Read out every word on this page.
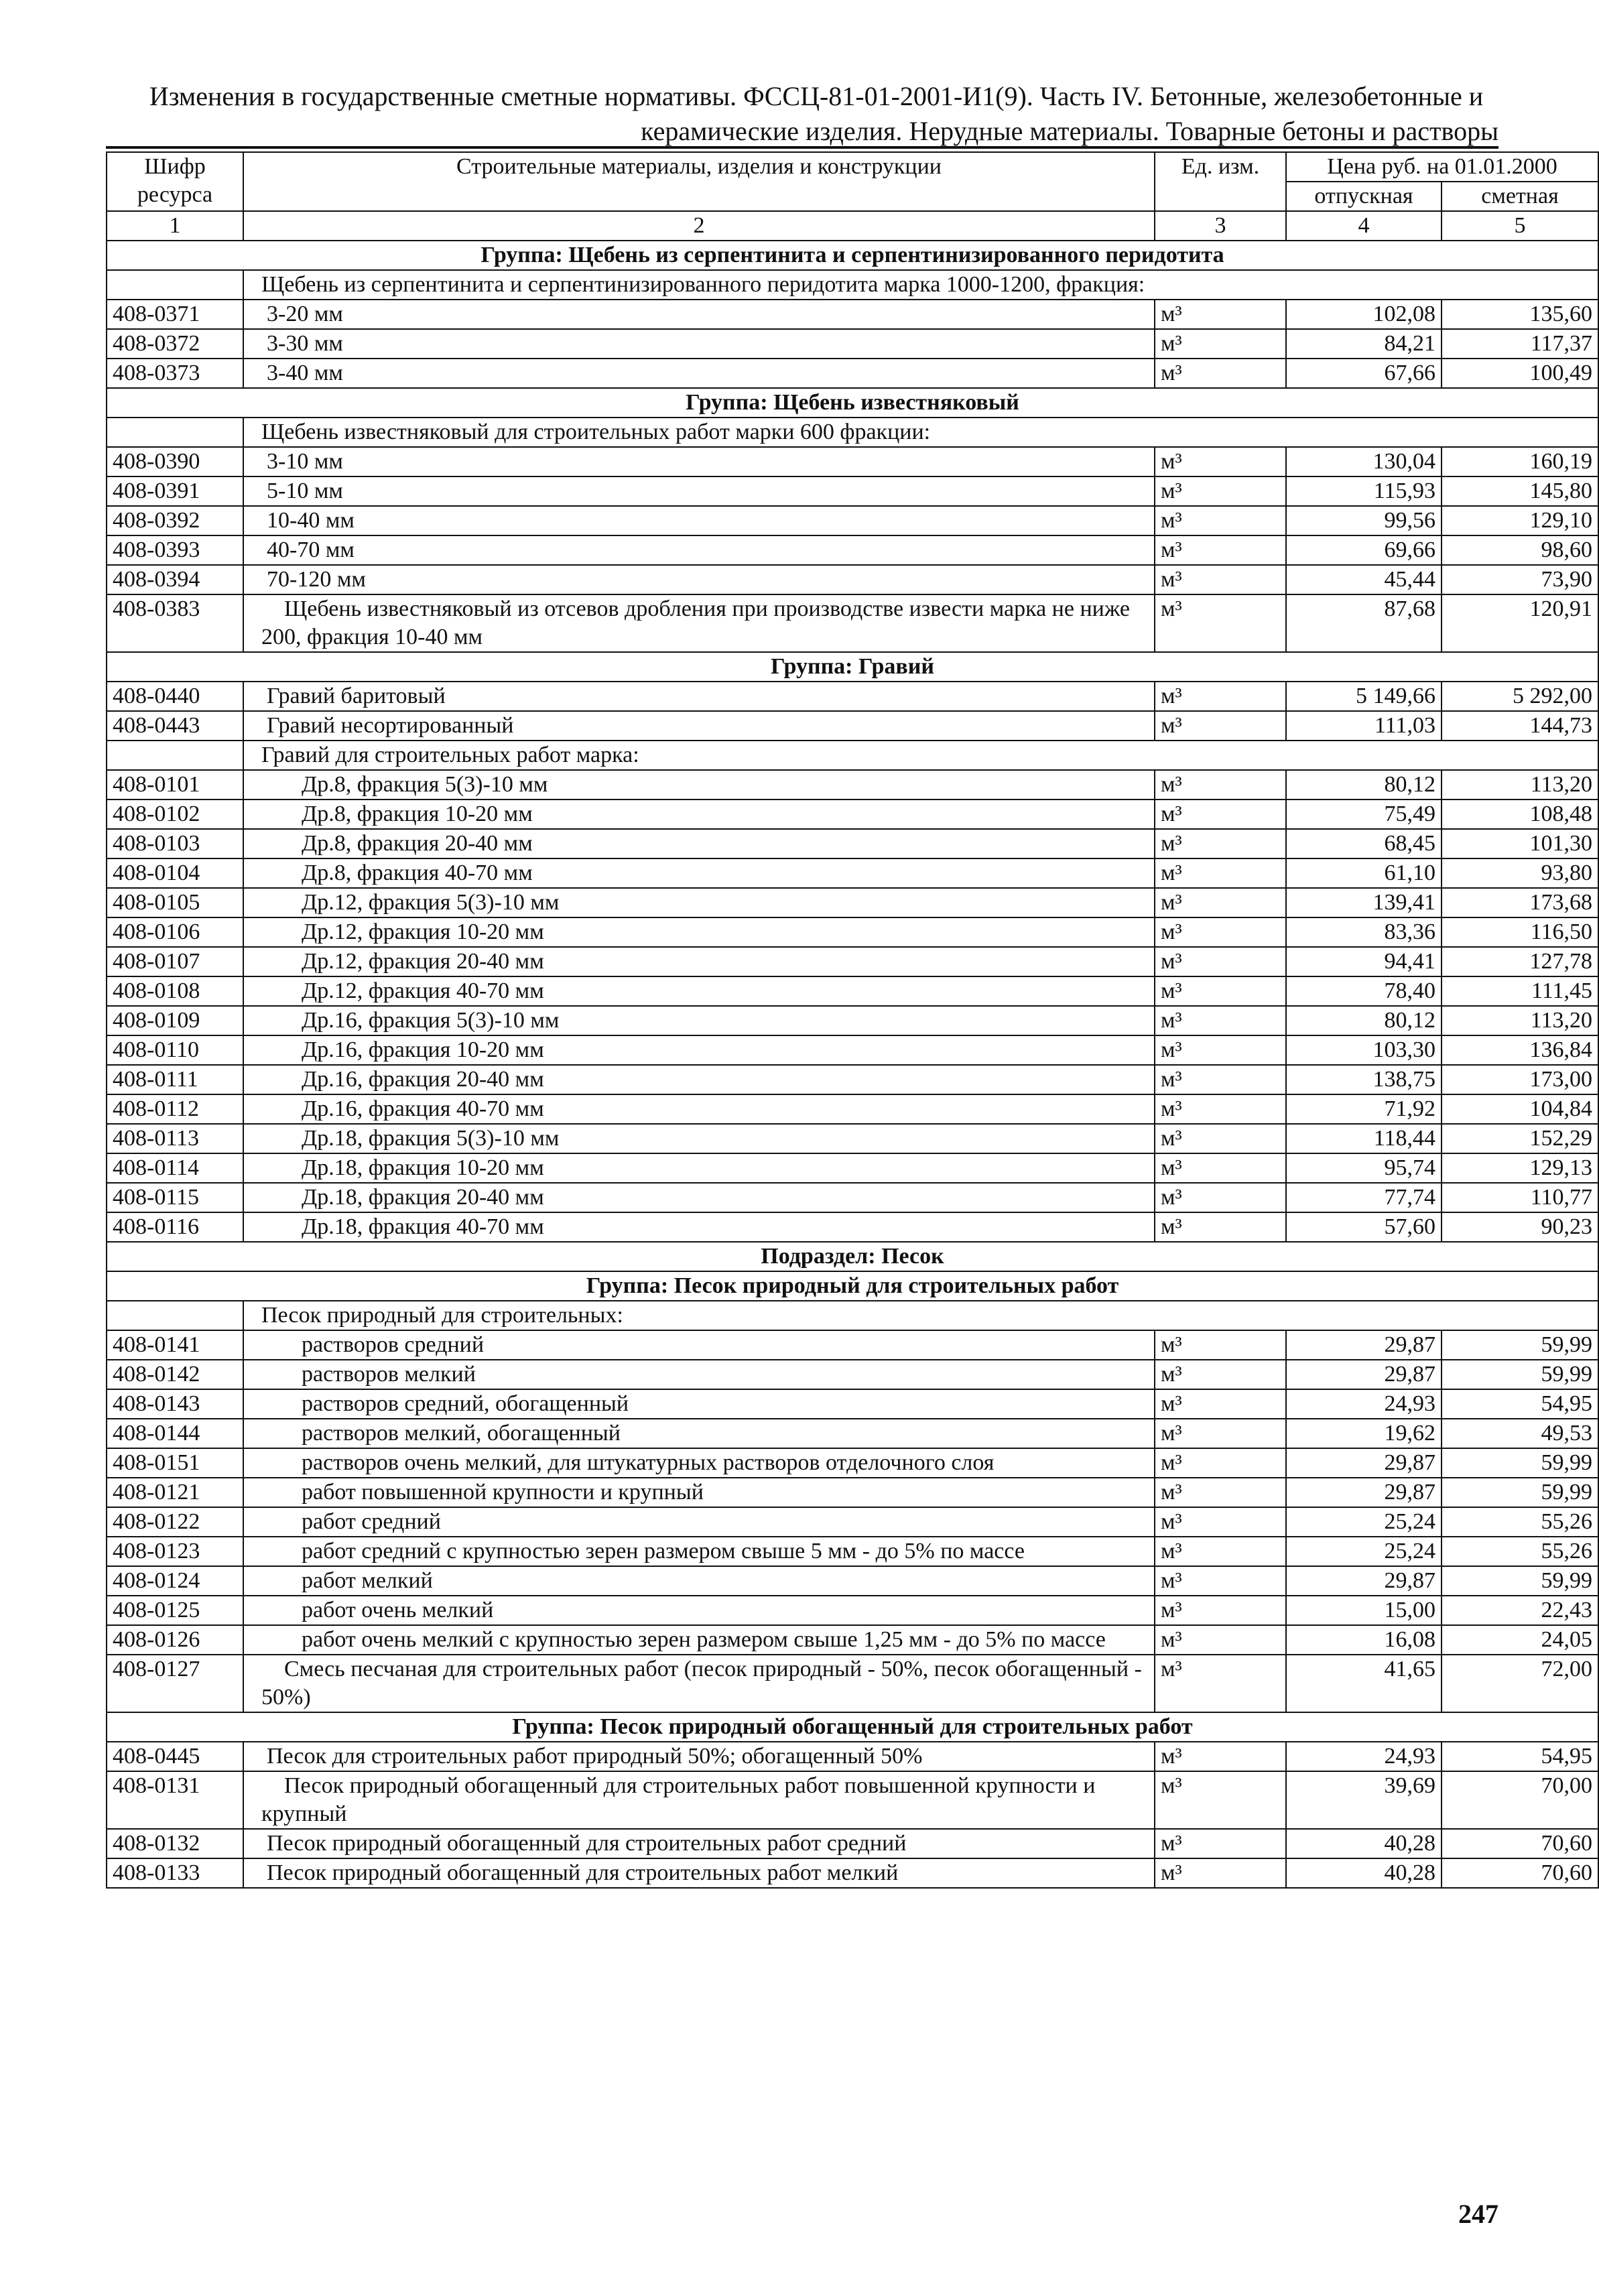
Изменения в государственные сметные нормативы. ФССЦ-81-01-2001-И1(9). Часть IV. Бетонные, железобетонные и
керамические изделия. Нерудные материалы. Товарные бетоны и растворы
Шифр ресурса	Строительные материалы, изделия и конструкции	Ед. изм.	Цена руб. на 01.01.2000	
			отпускная	сметная
1	2	3	4	5
Группа: Щебень из серпентинита и серпентинизированного перидотита				
	Щебень из серпентинита и серпентинизированного перидотита марка 1000-1200, фракция:			
408-0371	3-20 мм	м³	102,08	135,60
408-0372	3-30 мм	м³	84,21	117,37
408-0373	3-40 мм	м³	67,66	100,49
Группа: Щебень известняковый				
	Щебень известняковый для строительных работ марки 600 фракции:			
408-0390	3-10 мм	м³	130,04	160,19
408-0391	5-10 мм	м³	115,93	145,80
408-0392	10-40 мм	м³	99,56	129,10
408-0393	40-70 мм	м³	69,66	98,60
408-0394	70-120 мм	м³	45,44	73,90
408-0383	Щебень известняковый из отсевов дробления при производстве извести марка не ниже 200, фракция 10-40 мм	м³	87,68	120,91
Группа: Гравий				
408-0440	Гравий баритовый	м³	5 149,66	5 292,00
408-0443	Гравий несортированный	м³	111,03	144,73
	Гравий для строительных работ марка:			
408-0101	Др.8, фракция 5(3)-10 мм	м³	80,12	113,20
408-0102	Др.8, фракция 10-20 мм	м³	75,49	108,48
408-0103	Др.8, фракция 20-40 мм	м³	68,45	101,30
408-0104	Др.8, фракция 40-70 мм	м³	61,10	93,80
408-0105	Др.12, фракция 5(3)-10 мм	м³	139,41	173,68
408-0106	Др.12, фракция 10-20 мм	м³	83,36	116,50
408-0107	Др.12, фракция 20-40 мм	м³	94,41	127,78
408-0108	Др.12, фракция 40-70 мм	м³	78,40	111,45
408-0109	Др.16, фракция 5(3)-10 мм	м³	80,12	113,20
408-0110	Др.16, фракция 10-20 мм	м³	103,30	136,84
408-0111	Др.16, фракция 20-40 мм	м³	138,75	173,00
408-0112	Др.16, фракция 40-70 мм	м³	71,92	104,84
408-0113	Др.18, фракция 5(3)-10 мм	м³	118,44	152,29
408-0114	Др.18, фракция 10-20 мм	м³	95,74	129,13
408-0115	Др.18, фракция 20-40 мм	м³	77,74	110,77
408-0116	Др.18, фракция 40-70 мм	м³	57,60	90,23
Подраздел: Песок				
Группа: Песок природный для строительных работ				
	Песок природный для строительных:			
408-0141	растворов средний	м³	29,87	59,99
408-0142	растворов мелкий	м³	29,87	59,99
408-0143	растворов средний, обогащенный	м³	24,93	54,95
408-0144	растворов мелкий, обогащенный	м³	19,62	49,53
408-0151	растворов очень мелкий, для штукатурных растворов отделочного слоя	м³	29,87	59,99
408-0121	работ повышенной крупности и крупный	м³	29,87	59,99
408-0122	работ средний	м³	25,24	55,26
408-0123	работ средний с крупностью зерен размером свыше 5 мм - до 5% по массе	м³	25,24	55,26
408-0124	работ мелкий	м³	29,87	59,99
408-0125	работ очень мелкий	м³	15,00	22,43
408-0126	работ очень мелкий с крупностью зерен размером свыше 1,25 мм - до 5% по массе	м³	16,08	24,05
408-0127	Смесь песчаная для строительных работ (песок природный - 50%, песок обогащенный - 50%)	м³	41,65	72,00
Группа: Песок природный обогащенный для строительных работ				
408-0445	Песок для строительных работ природный 50%; обогащенный 50%	м³	24,93	54,95
408-0131	Песок природный обогащенный для строительных работ повышенной крупности и крупный	м³	39,69	70,00
408-0132	Песок природный обогащенный для строительных работ средний	м³	40,28	70,60
408-0133	Песок природный обогащенный для строительных работ мелкий	м³	40,28	70,60
247
